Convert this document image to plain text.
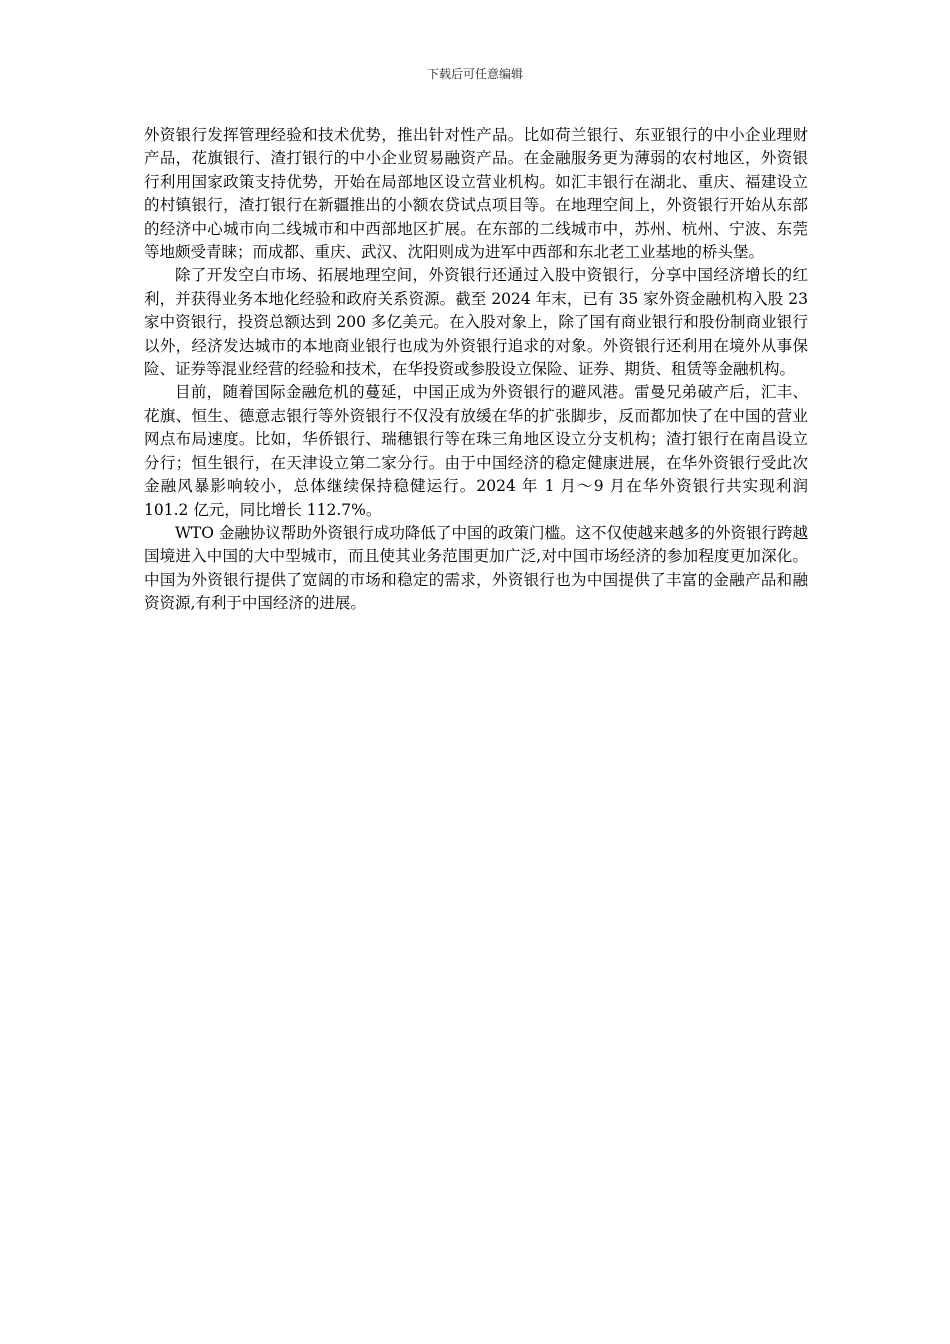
下载后可任意编辑

外资银行发挥管理经验和技术优势，推出针对性产品。比如荷兰银行、东亚银行的中小企业理财产品，花旗银行、渣打银行的中小企业贸易融资产品。在金融服务更为薄弱的农村地区，外资银行利用国家政策支持优势，开始在局部地区设立营业机构。如汇丰银行在湖北、重庆、福建设立的村镇银行，渣打银行在新疆推出的小额农贷试点项目等。在地理空间上，外资银行开始从东部的经济中心城市向二线城市和中西部地区扩展。在东部的二线城市中，苏州、杭州、宁波、东莞等地颇受青睐；而成都、重庆、武汉、沈阳则成为进军中西部和东北老工业基地的桥头堡。

除了开发空白市场、拓展地理空间，外资银行还通过入股中资银行，分享中国经济增长的红利，并获得业务本地化经验和政府关系资源。截至 2024 年末，已有 35 家外资金融机构入股 23 家中资银行，投资总额达到 200 多亿美元。在入股对象上，除了国有商业银行和股份制商业银行以外，经济发达城市的本地商业银行也成为外资银行追求的对象。外资银行还利用在境外从事保险、证券等混业经营的经验和技术，在华投资或参股设立保险、证券、期货、租赁等金融机构。

目前，随着国际金融危机的蔓延，中国正成为外资银行的避风港。雷曼兄弟破产后，汇丰、花旗、恒生、德意志银行等外资银行不仅没有放缓在华的扩张脚步，反而都加快了在中国的营业网点布局速度。比如，华侨银行、瑞穗银行等在珠三角地区设立分支机构；渣打银行在南昌设立分行；恒生银行，在天津设立第二家分行。由于中国经济的稳定健康进展，在华外资银行受此次金融风暴影响较小，总体继续保持稳健运行。2024 年 1 月～9 月在华外资银行共实现利润 101.2 亿元，同比增长 112.7%。

WTO 金融协议帮助外资银行成功降低了中国的政策门槛。这不仅使越来越多的外资银行跨越国境进入中国的大中型城市，而且使其业务范围更加广泛,对中国市场经济的参加程度更加深化。中国为外资银行提供了宽阔的市场和稳定的需求，外资银行也为中国提供了丰富的金融产品和融资资源,有利于中国经济的进展。
